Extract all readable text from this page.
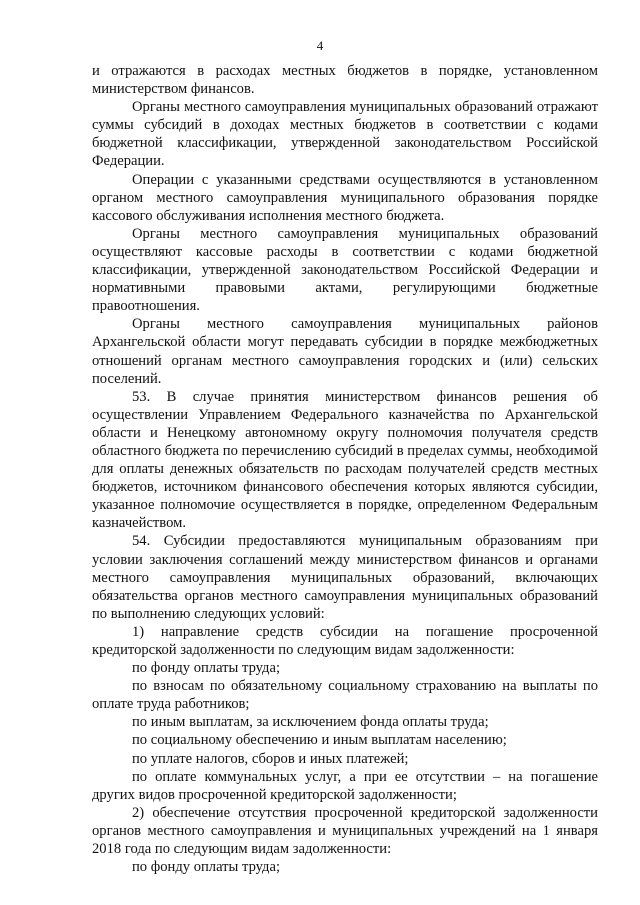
4

и отражаются в расходах местных бюджетов в порядке, установленном министерством финансов.

Органы местного самоуправления муниципальных образований отражают суммы субсидий в доходах местных бюджетов в соответствии с кодами бюджетной классификации, утвержденной законодательством Российской Федерации.

Операции с указанными средствами осуществляются в установленном органом местного самоуправления муниципального образования порядке кассового обслуживания исполнения местного бюджета.

Органы местного самоуправления муниципальных образований осуществляют кассовые расходы в соответствии с кодами бюджетной классификации, утвержденной законодательством Российской Федерации и нормативными правовыми актами, регулирующими бюджетные правоотношения.

Органы местного самоуправления муниципальных районов Архангельской области могут передавать субсидии в порядке межбюджетных отношений органам местного самоуправления городских и (или) сельских поселений.

53. В случае принятия министерством финансов решения об осуществлении Управлением Федерального казначейства по Архангельской области и Ненецкому автономному округу полномочия получателя средств областного бюджета по перечислению субсидий в пределах суммы, необходимой для оплаты денежных обязательств по расходам получателей средств местных бюджетов, источником финансового обеспечения которых являются субсидии, указанное полномочие осуществляется в порядке, определенном Федеральным казначейством.

54. Субсидии предоставляются муниципальным образованиям при условии заключения соглашений между министерством финансов и органами местного самоуправления муниципальных образований, включающих обязательства органов местного самоуправления муниципальных образований по выполнению следующих условий:

1) направление средств субсидии на погашение просроченной кредиторской задолженности по следующим видам задолженности:

по фонду оплаты труда;

по взносам по обязательному социальному страхованию на выплаты по оплате труда работников;

по иным выплатам, за исключением фонда оплаты труда;

по социальному обеспечению и иным выплатам населению;

по уплате налогов, сборов и иных платежей;

по оплате коммунальных услуг, а при ее отсутствии – на погашение других видов просроченной кредиторской задолженности;

2) обеспечение отсутствия просроченной кредиторской задолженности органов местного самоуправления и муниципальных учреждений на 1 января 2018 года по следующим видам задолженности:

по фонду оплаты труда;
